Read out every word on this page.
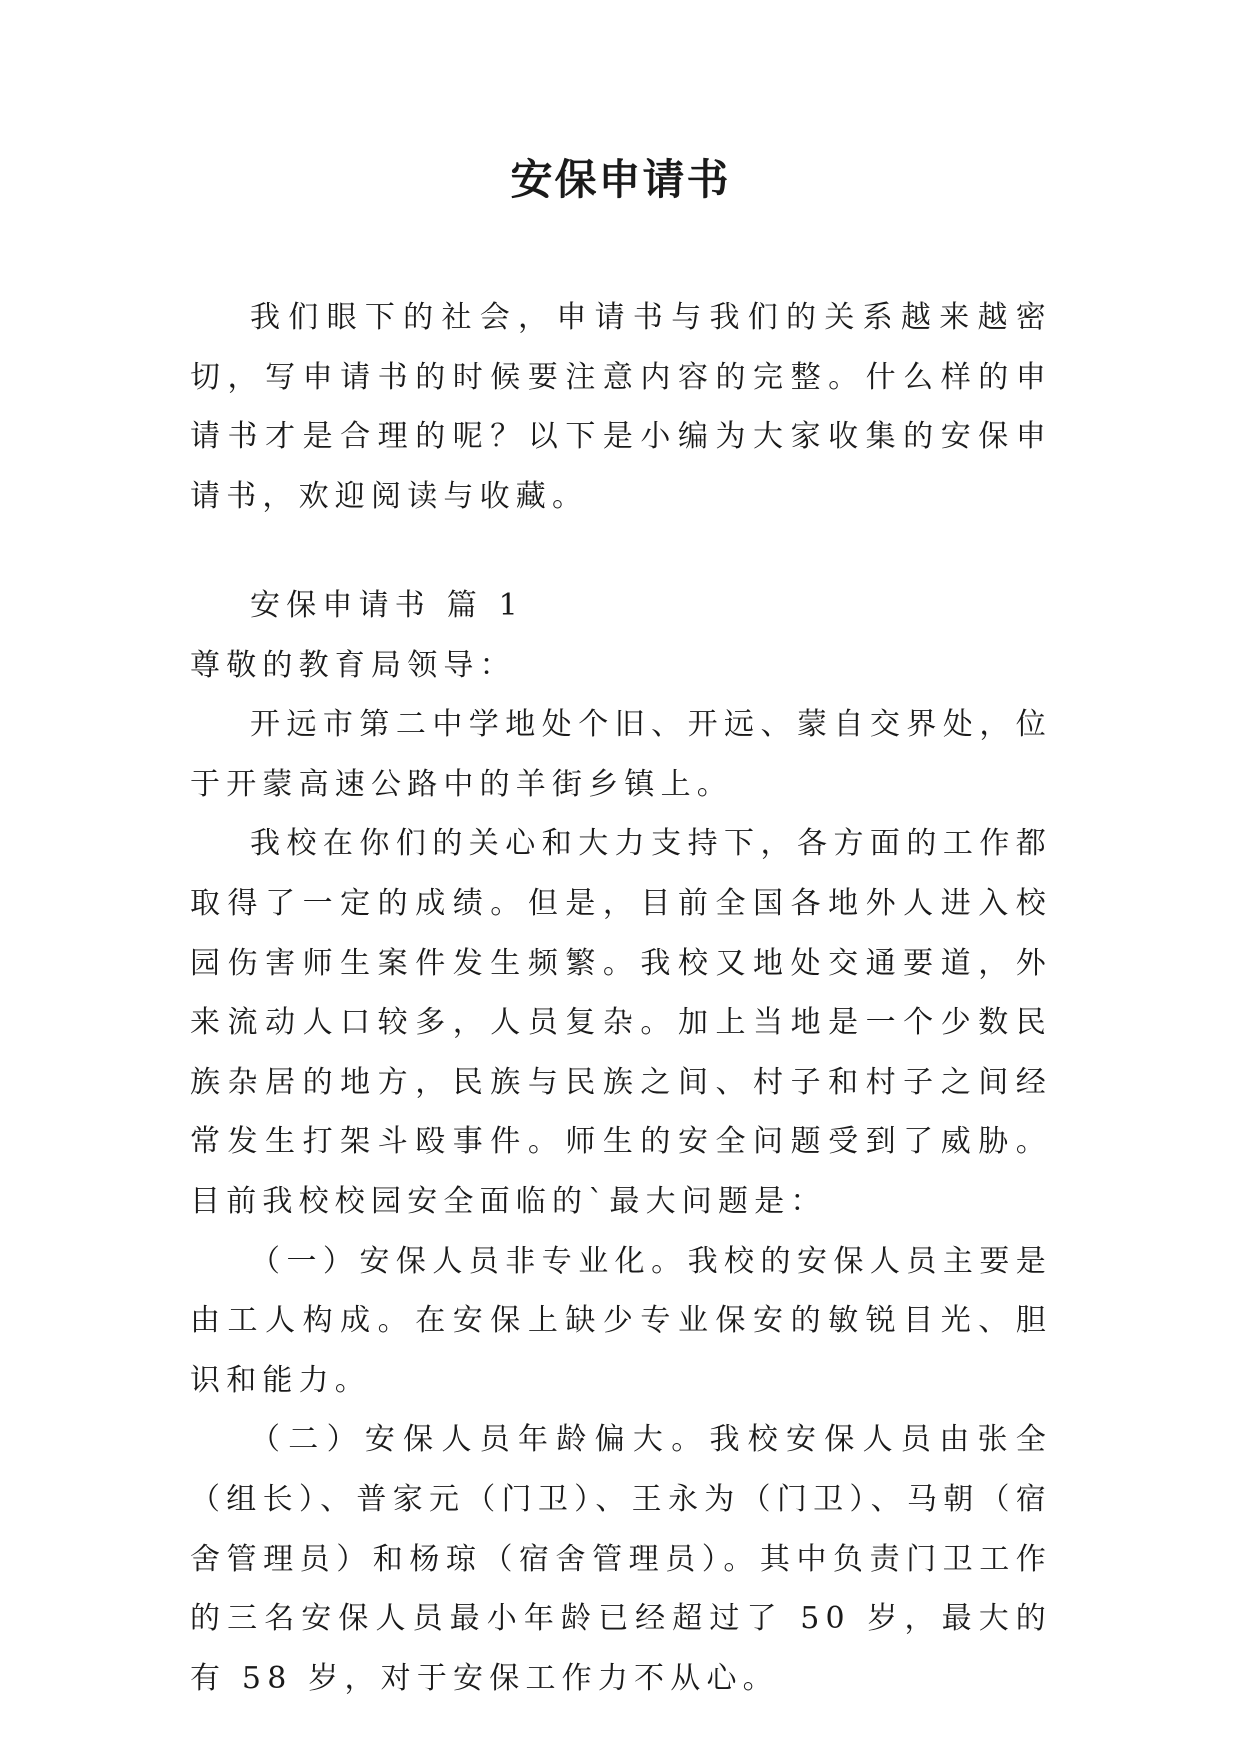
安保申请书

我们眼下的社会，申请书与我们的关系越来越密切，写申请书的时候要注意内容的完整。什么样的申请书才是合理的呢？以下是小编为大家收集的安保申请书，欢迎阅读与收藏。

安保申请书 篇 1

尊敬的教育局领导：

开远市第二中学地处个旧、开远、蒙自交界处，位于开蒙高速公路中的羊街乡镇上。

我校在你们的关心和大力支持下，各方面的工作都取得了一定的成绩。但是，目前全国各地外人进入校园伤害师生案件发生频繁。我校又地处交通要道，外来流动人口较多，人员复杂。加上当地是一个少数民族杂居的地方，民族与民族之间、村子和村子之间经常发生打架斗殴事件。师生的安全问题受到了威胁。目前我校校园安全面临的`最大问题是：

（一）安保人员非专业化。我校的安保人员主要是由工人构成。在安保上缺少专业保安的敏锐目光、胆识和能力。

（二）安保人员年龄偏大。我校安保人员由张全（组长）、普家元（门卫）、王永为（门卫）、马朝（宿舍管理员）和杨琼（宿舍管理员）。其中负责门卫工作的三名安保人员最小年龄已经超过了 50 岁，最大的有 58 岁，对于安保工作力不从心。
